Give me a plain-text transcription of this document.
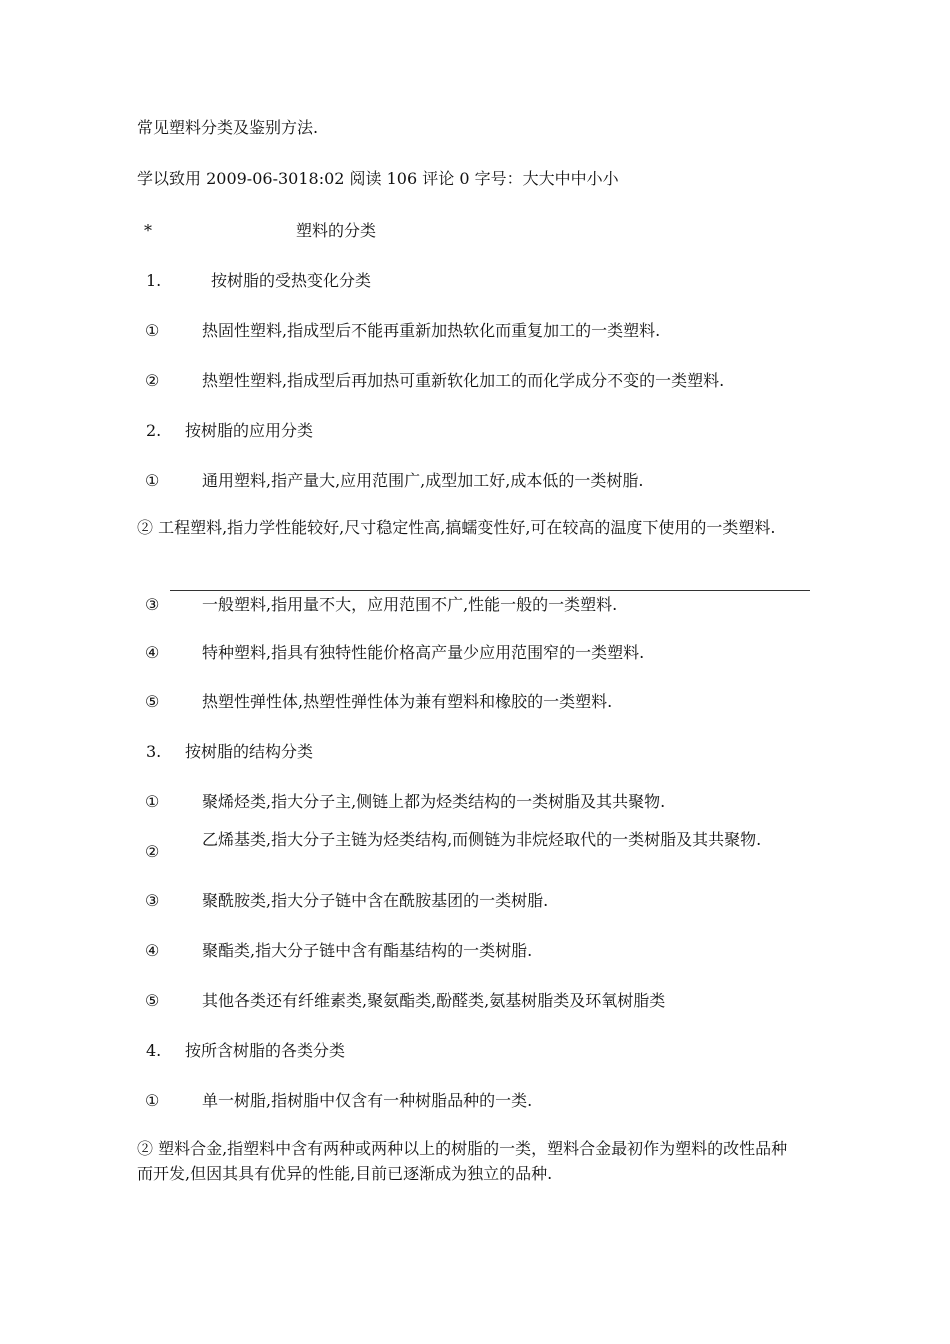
常见塑料分类及鉴别方法.
学以致用 2009-06-3018:02 阅读 106 评论 0 字号：大大中中小小
*	塑料的分类
1.	按树脂的受热变化分类
①	热固性塑料,指成型后不能再重新加热软化而重复加工的一类塑料.
②	热塑性塑料,指成型后再加热可重新软化加工的而化学成分不变的一类塑料.
2. 按树脂的应用分类
①	通用塑料,指产量大,应用范围广,成型加工好,成本低的一类树脂.
② 工程塑料,指力学性能较好,尺寸稳定性高,搞蠕变性好,可在较高的温度下使用的一类塑料.
③	一般塑料,指用量不大，应用范围不广,性能一般的一类塑料.
④	特种塑料,指具有独特性能价格高产量少应用范围窄的一类塑料.
⑤	热塑性弹性体,热塑性弹性体为兼有塑料和橡胶的一类塑料.
3. 按树脂的结构分类
①	聚烯烃类,指大分子主,侧链上都为烃类结构的一类树脂及其共聚物.
②
乙烯基类,指大分子主链为烃类结构,而侧链为非烷烃取代的一类树脂及其共聚物.
③	聚酰胺类,指大分子链中含在酰胺基团的一类树脂.
④	聚酯类,指大分子链中含有酯基结构的一类树脂.
⑤	其他各类还有纤维素类,聚氨酯类,酚醛类,氨基树脂类及环氧树脂类
4. 按所含树脂的各类分类
①	单一树脂,指树脂中仅含有一种树脂品种的一类.
② 塑料合金,指塑料中含有两种或两种以上的树脂的一类，塑料合金最初作为塑料的改性品种而开发,但因其具有优异的性能,目前已逐渐成为独立的品种.
